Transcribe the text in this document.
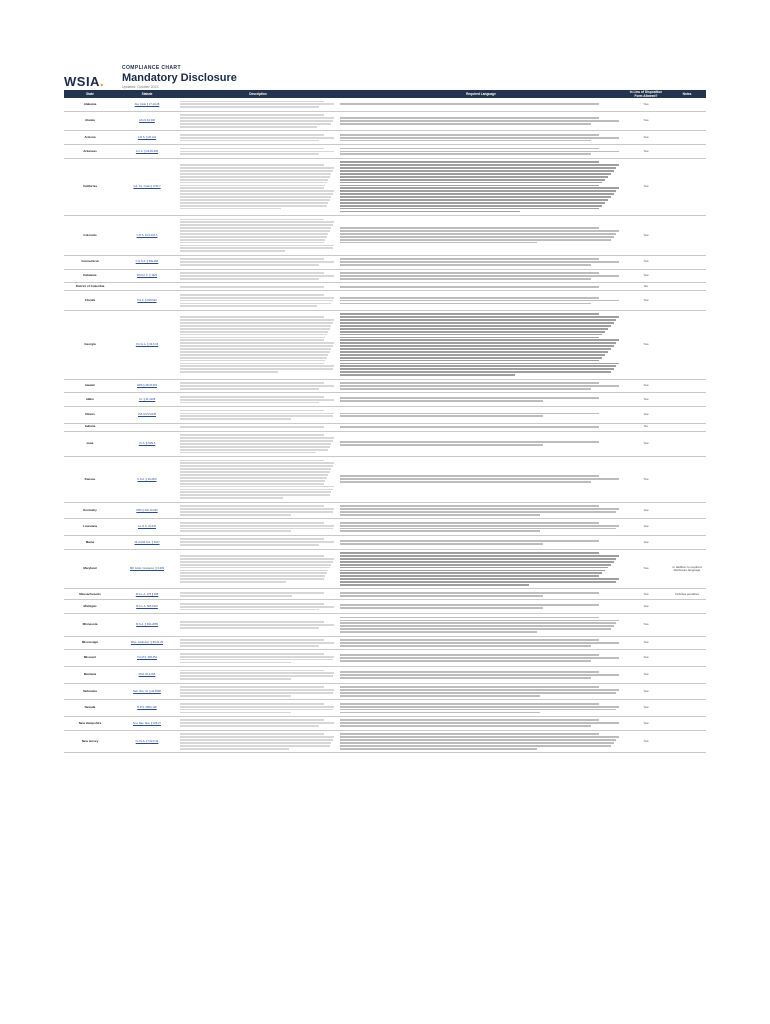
WSIA.
COMPLIANCE CHART
Mandatory Disclosure
Updated: October 2023
State	Statute	Description	Required Language	In Lieu of Disposition Form Allowed?	Notes
Alabama	Ala. Code § 27-10-28			Yes	
Alaska	AS 21.34.330			Yes	
Arizona	A.R.S. § 20-411			Yes	
Arkansas	A.C.A. § 23-65-305			Yes	
California	Cal. Ins. Code § 1764.7			Yes	
Colorado	C.R.S. 10-5-101.5			Yes	
Connecticut	C.G.S.A. § 38a-294			Yes	
Delaware	18 Del. C. § 1923			Yes	
District of Columbia				No	
Florida	F.S.A. § 626.924			Yes	
Georgia	O.C.G.A. § 33-5-33			Yes	
Hawaii	HRS § 431:8-303			Yes	
Idaho	I.C. § 41-1228			Yes	
Illinois	215 ILCS 5/445			Yes	
Indiana				No	
Iowa	I.C.A. § 515I.6			Yes	
Kansas	K.S.A. § 40-246f			Yes	
Kentucky	KRS § 304.10-040			Yes	
Louisiana	La. R.S. 22:446			Yes	
Maine	24-A M.R.S.A. § 2017			Yes	
Maryland	MD Code, Insurance, § 3-309			Yes	In addition to required disclosure language
Massachusetts	M.G.L.A. 175 § 168			Yes	Includes penalties
Michigan	M.C.L.A. 500.1916			Yes	
Minnesota	M.S.A. § 60A.2085			Yes	
Mississippi	Miss. Code Ann. § 83-21-25			Yes	
Missouri	V.A.M.S. 384.051			Yes	
Montana	MCA 33-2-305			Yes	
Nebraska	Neb. Rev. St. § 44-5508			Yes	
Nevada	N.R.S. 685A.100			Yes	
New Hampshire	N.H. Rev. Stat. § 405:27			Yes	
New Jersey	N.J.S.A. 17:22-6.44			Yes	
